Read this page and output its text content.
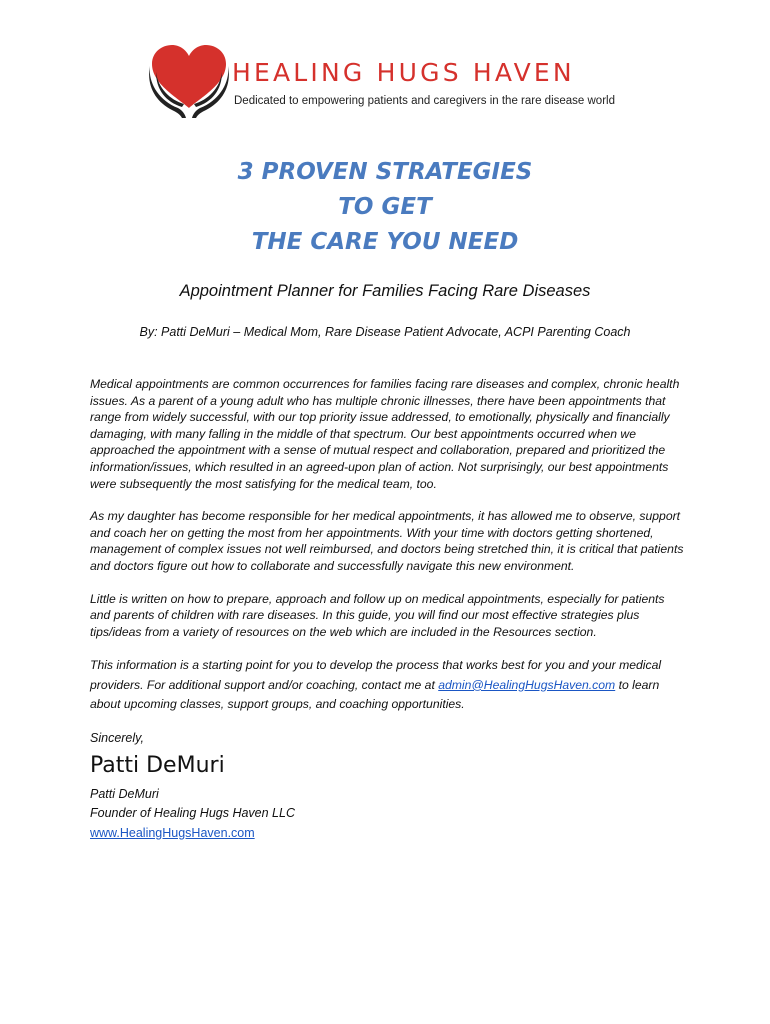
HEALING HUGS HAVEN
Dedicated to empowering patients and caregivers in the rare disease world
3 PROVEN STRATEGIES
TO GET
THE CARE YOU NEED
Appointment Planner for Families Facing Rare Diseases
By: Patti DeMuri – Medical Mom, Rare Disease Patient Advocate, ACPI Parenting Coach

Medical appointments are common occurrences for families facing rare diseases and complex, chronic health issues. As a parent of a young adult who has multiple chronic illnesses, there have been appointments that range from widely successful, with our top priority issue addressed, to emotionally, physically and financially damaging, with many falling in the middle of that spectrum. Our best appointments occurred when we approached the appointment with a sense of mutual respect and collaboration, prepared and prioritized the information/issues, which resulted in an agreed-upon plan of action. Not surprisingly, our best appointments were subsequently the most satisfying for the medical team, too.

As my daughter has become responsible for her medical appointments, it has allowed me to observe, support and coach her on getting the most from her appointments. With your time with doctors getting shortened, management of complex issues not well reimbursed, and doctors being stretched thin, it is critical that patients and doctors figure out how to collaborate and successfully navigate this new environment.

Little is written on how to prepare, approach and follow up on medical appointments, especially for patients and parents of children with rare diseases. In this guide, you will find our most effective strategies plus tips/ideas from a variety of resources on the web which are included in the Resources section.

This information is a starting point for you to develop the process that works best for you and your medical providers. For additional support and/or coaching, contact me at admin@HealingHugsHaven.com to learn about upcoming classes, support groups, and coaching opportunities.

Sincerely,

Patti DeMuri

Patti DeMuri

Founder of Healing Hugs Haven LLC

www.HealingHugsHaven.com
